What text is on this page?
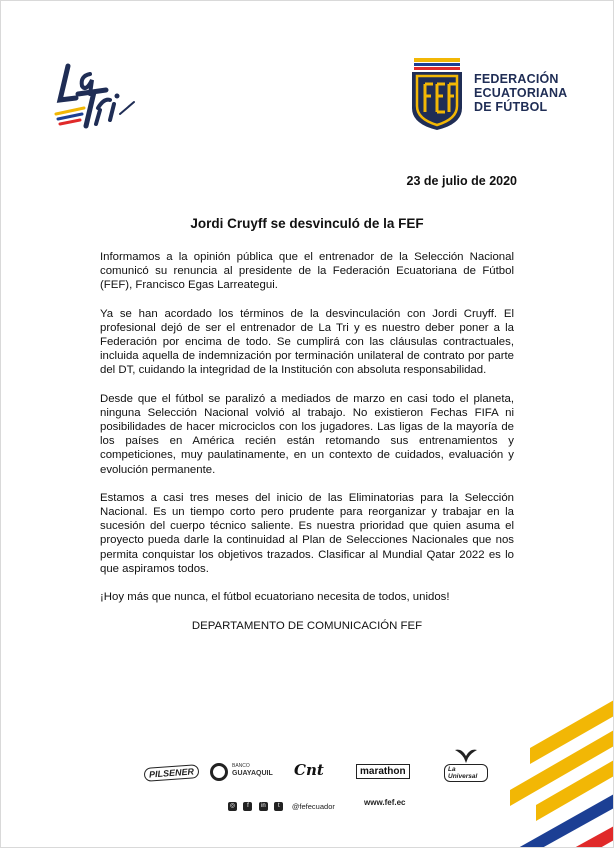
FEDERACIÓN
ECUATORIANA
DE FÚTBOL
23 de julio de 2020
Jordi Cruyff se desvinculó de la FEF

Informamos a la opinión pública que el entrenador de la Selección Nacional comunicó su renuncia al presidente de la Federación Ecuatoriana de Fútbol (FEF), Francisco Egas Larreategui.

Ya se han acordado los términos de la desvinculación con Jordi Cruyff. El profesional dejó de ser el entrenador de La Tri y es nuestro deber poner a la Federación por encima de todo. Se cumplirá con las cláusulas contractuales, incluida aquella de indemnización por terminación unilateral de contrato por parte del DT, cuidando la integridad de la Institución con absoluta responsabilidad.

Desde que el fútbol se paralizó a mediados de marzo en casi todo el planeta, ninguna Selección Nacional volvió al trabajo. No existieron Fechas FIFA ni posibilidades de hacer microciclos con los jugadores. Las ligas de la mayoría de los países en América recién están retomando sus entrenamientos y competiciones, muy paulatinamente, en un contexto de cuidados, evaluación y evolución permanente.

Estamos a casi tres meses del inicio de las Eliminatorias para la Selección Nacional. Es un tiempo corto pero prudente para reorganizar y trabajar en la sucesión del cuerpo técnico saliente. Es nuestra prioridad que quien asuma el proyecto pueda darle la continuidad al Plan de Selecciones Nacionales que nos permita conquistar los objetivos trazados. Clasificar al Mundial Qatar 2022 es lo que aspiramos todos.

¡Hoy más que nunca, el fútbol ecuatoriano necesita de todos, unidos!

DEPARTAMENTO DE COMUNICACIÓN FEF
PILSENER
BANCO
GUAYAQUIL Cnt	marathon	La Universal
◎ f in t @fefecuador	www.fef.ec
